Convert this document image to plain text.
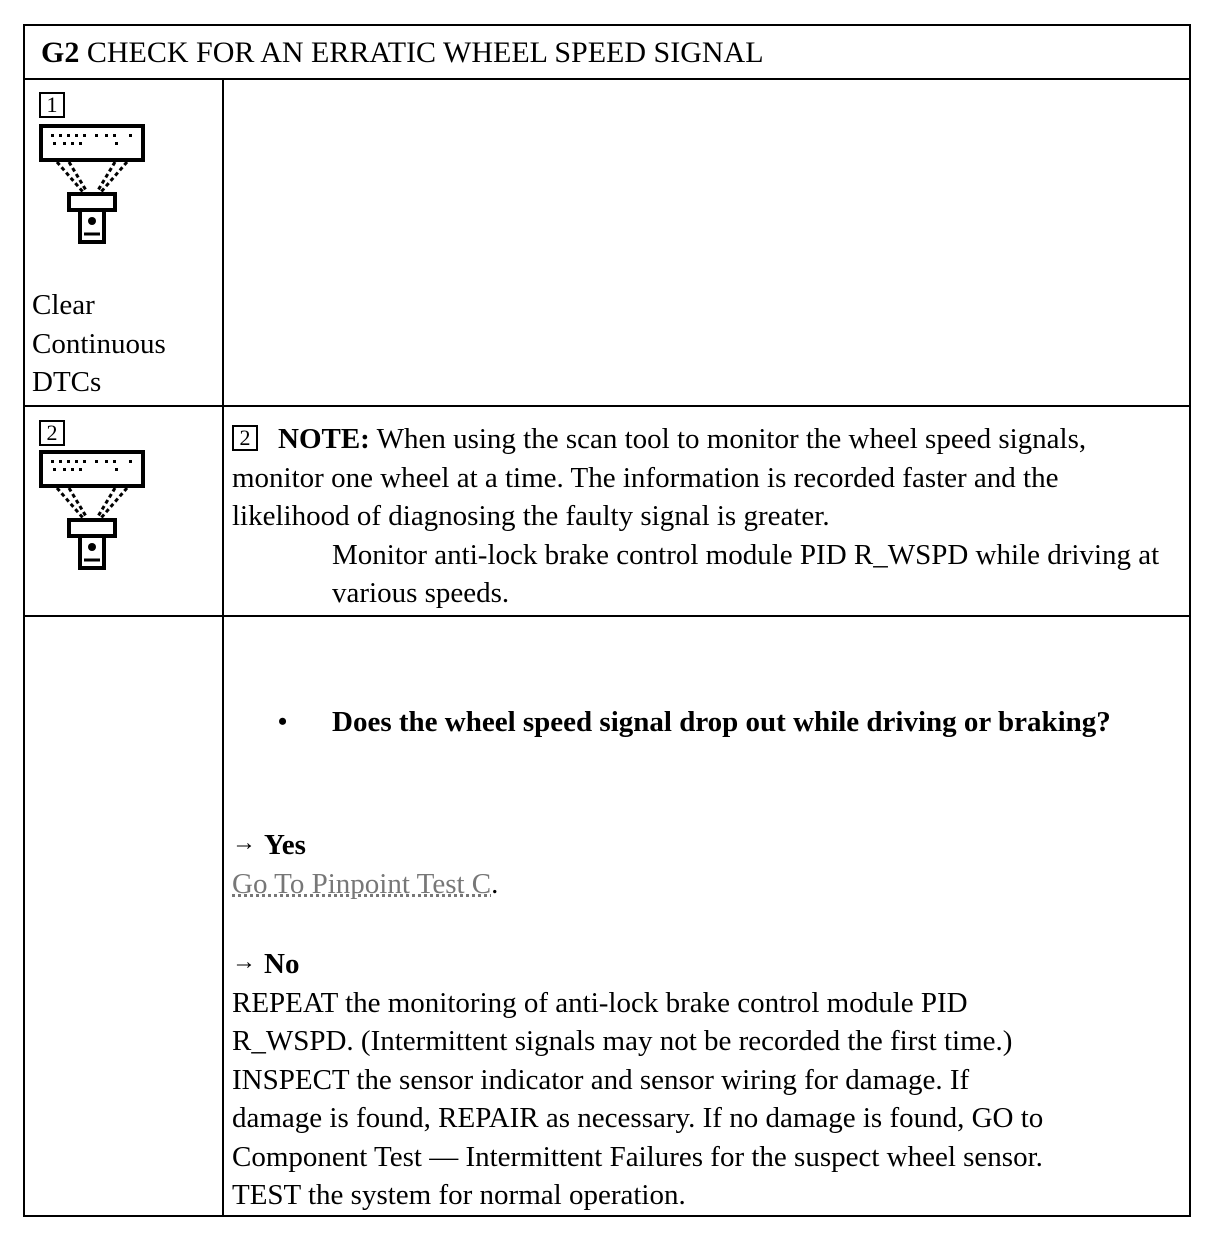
G2 CHECK FOR AN ERRATIC WHEEL SPEED SIGNAL
1
Clear
Continuous
DTCs
2	2 NOTE: When using the scan tool to monitor the wheel speed signals, monitor one wheel at a time. The information is recorded faster and the likelihood of diagnosing the faulty signal is greater.
Monitor anti-lock brake control module PID R_WSPD while driving at various speeds.
• Does the wheel speed signal drop out while driving or braking?
→ Yes
Go To Pinpoint Test C.
→ No
REPEAT the monitoring of anti-lock brake control module PID
R_WSPD. (Intermittent signals may not be recorded the first time.)
INSPECT the sensor indicator and sensor wiring for damage. If
damage is found, REPAIR as necessary. If no damage is found, GO to
Component Test — Intermittent Failures for the suspect wheel sensor.
TEST the system for normal operation.
